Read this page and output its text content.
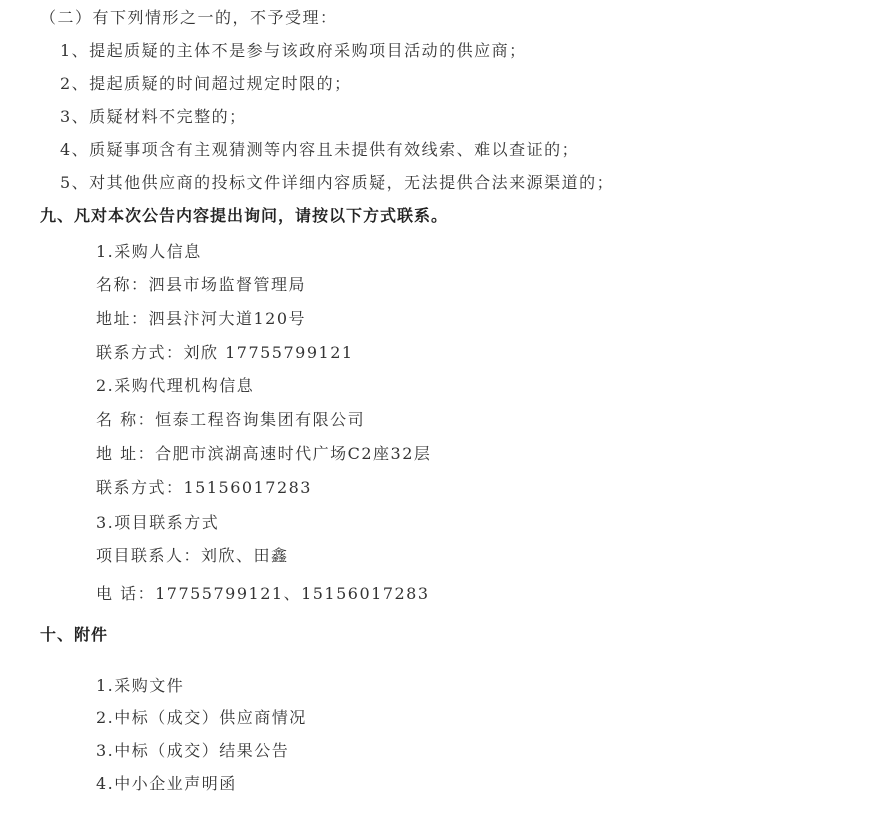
（二）有下列情形之一的，不予受理：
1、提起质疑的主体不是参与该政府采购项目活动的供应商；
2、提起质疑的时间超过规定时限的；
3、质疑材料不完整的；
4、质疑事项含有主观猜测等内容且未提供有效线索、难以查证的；
5、对其他供应商的投标文件详细内容质疑，无法提供合法来源渠道的；
九、凡对本次公告内容提出询问，请按以下方式联系。
1.采购人信息
名称：泗县市场监督管理局
地址：泗县汴河大道120号
联系方式：刘欣 17755799121
2.采购代理机构信息
名 称：恒泰工程咨询集团有限公司
地 址：合肥市滨湖高速时代广场C2座32层
联系方式：15156017283
3.项目联系方式
项目联系人：刘欣、田鑫
电 话：17755799121、15156017283
十、附件
1.采购文件
2.中标（成交）供应商情况
3.中标（成交）结果公告
4.中小企业声明函
